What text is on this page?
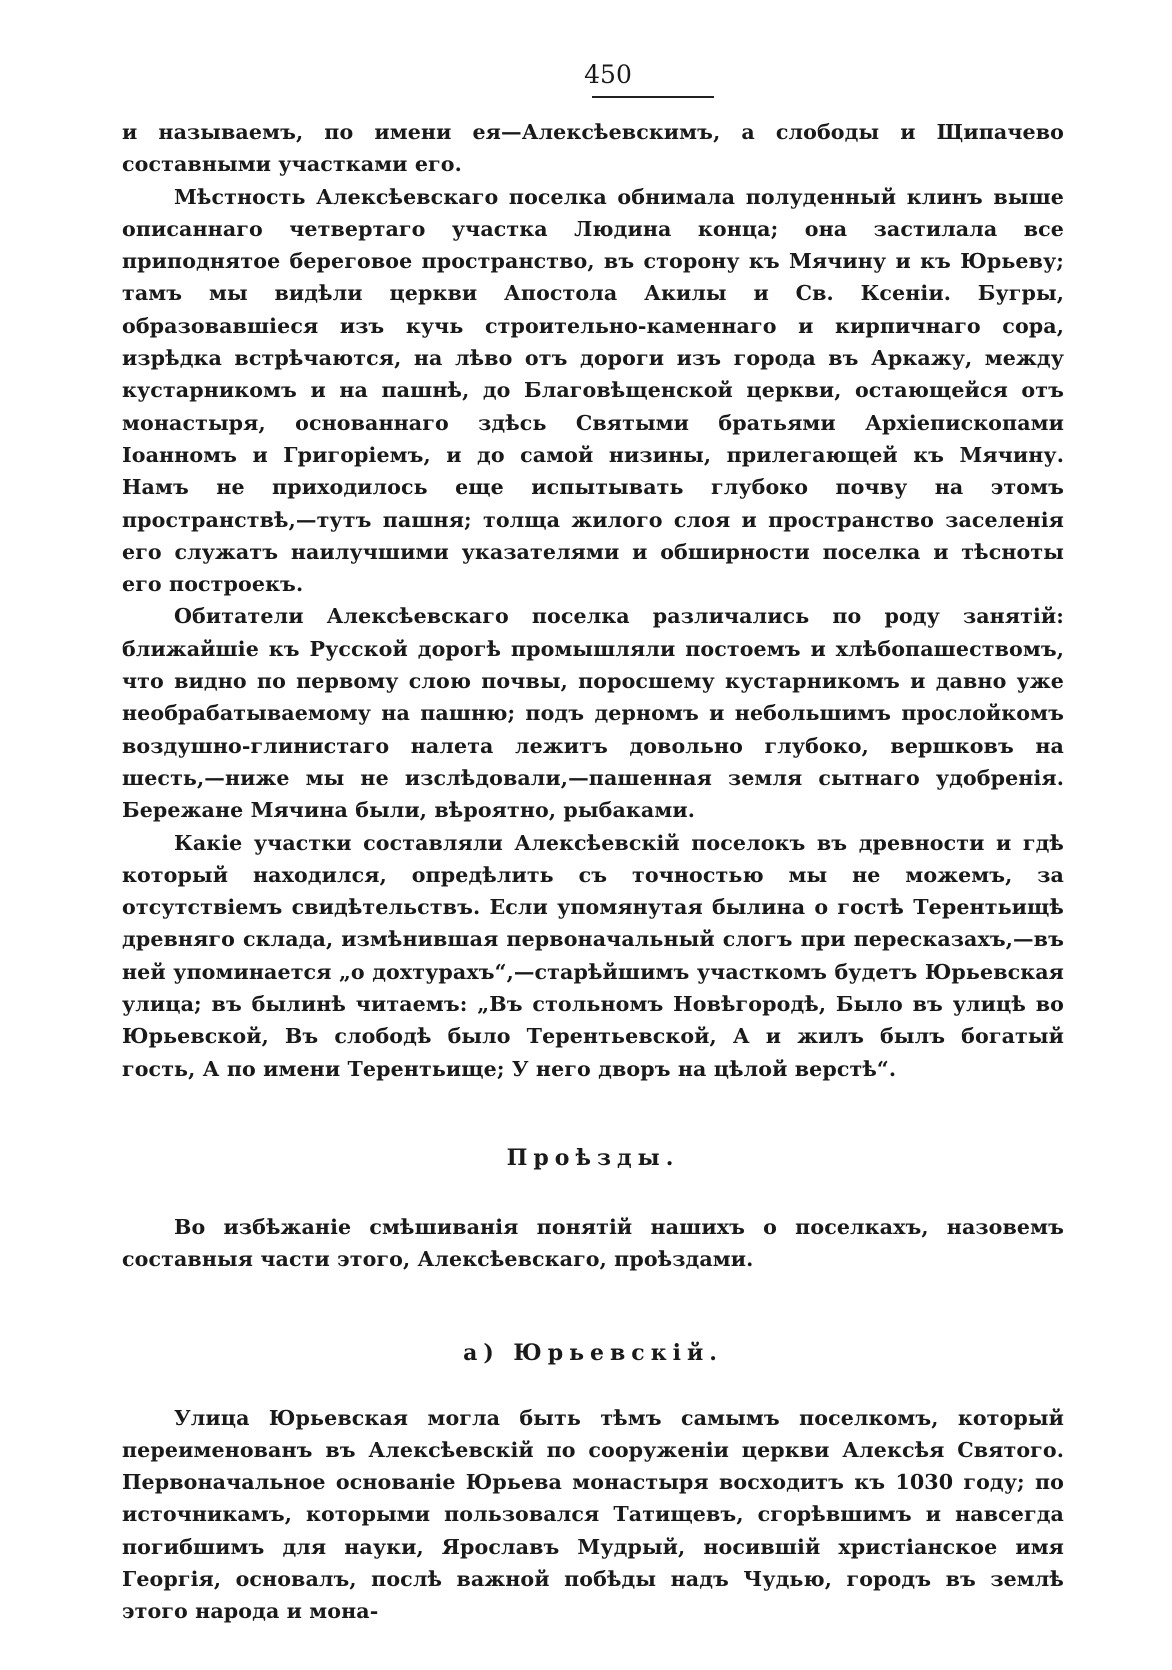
450

и называемъ, по имени ея—Алексѣевскимъ, а слободы и Щипачево составными участками его.

Мѣстность Алексѣевскаго поселка обнимала полуденный клинъ выше описаннаго четвертаго участка Людина конца; она застилала все приподнятое береговое пространство, въ сторону къ Мячину и къ Юрьеву; тамъ мы видѣли церкви Апостола Акилы и Св. Ксеніи. Бугры, образовавшіеся изъ кучь строительно-каменнаго и кирпичнаго сора, изрѣдка встрѣчаются, на лѣво отъ дороги изъ города въ Аркажу, между кустарникомъ и на пашнѣ, до Благовѣщенской церкви, остающейся отъ монастыря, основаннаго здѣсь Святыми братьями Архіепископами Іоанномъ и Григоріемъ, и до самой низины, прилегающей къ Мячину. Намъ не приходилось еще испытывать глубоко почву на этомъ пространствѣ,—тутъ пашня; толща жилого слоя и пространство заселенія его служатъ наилучшими указателями и обширности поселка и тѣсноты его построекъ.

Обитатели Алексѣевскаго поселка различались по роду занятій: ближайшіе къ Русской дорогѣ промышляли постоемъ и хлѣбопашествомъ, что видно по первому слою почвы, поросшему кустарникомъ и давно уже необрабатываемому на пашню; подъ дерномъ и небольшимъ прослойкомъ воздушно-глинистаго налета лежитъ довольно глубоко, вершковъ на шесть,—ниже мы не изслѣдовали,—пашенная земля сытнаго удобренія. Бережане Мячина были, вѣроятно, рыбаками.

Какіе участки составляли Алексѣевскій поселокъ въ древности и гдѣ который находился, опредѣлить съ точностью мы не можемъ, за отсутствіемъ свидѣтельствъ. Если упомянутая былина о гостѣ Терентьищѣ древняго склада, измѣнившая первоначальный слогъ при пересказахъ,—въ ней упоминается „о дохтурахъ“,—старѣйшимъ участкомъ будетъ Юрьевская улица; въ былинѣ читаемъ: „Въ стольномъ Новѣгородѣ, Было въ улицѣ во Юрьевской, Въ слободѣ было Терентьевской, А и жилъ былъ богатый гость, А по имени Терентьище; У него дворъ на цѣлой верстѣ“.

Проѣзды.

Во избѣжаніе смѣшиванія понятій нашихъ о поселкахъ, назовемъ составныя части этого, Алексѣевскаго, проѣздами.

а) Юрьевскій.

Улица Юрьевская могла быть тѣмъ самымъ поселкомъ, который переименованъ въ Алексѣевскій по сооруженіи церкви Алексѣя Святого. Первоначальное основаніе Юрьева монастыря восходитъ къ 1030 году; по источникамъ, которыми пользовался Татищевъ, сгорѣвшимъ и навсегда погибшимъ для науки, Ярославъ Мудрый, носившій христіанское имя Георгія, основалъ, послѣ важной побѣды надъ Чудью, городъ въ землѣ этого народа и мона-
